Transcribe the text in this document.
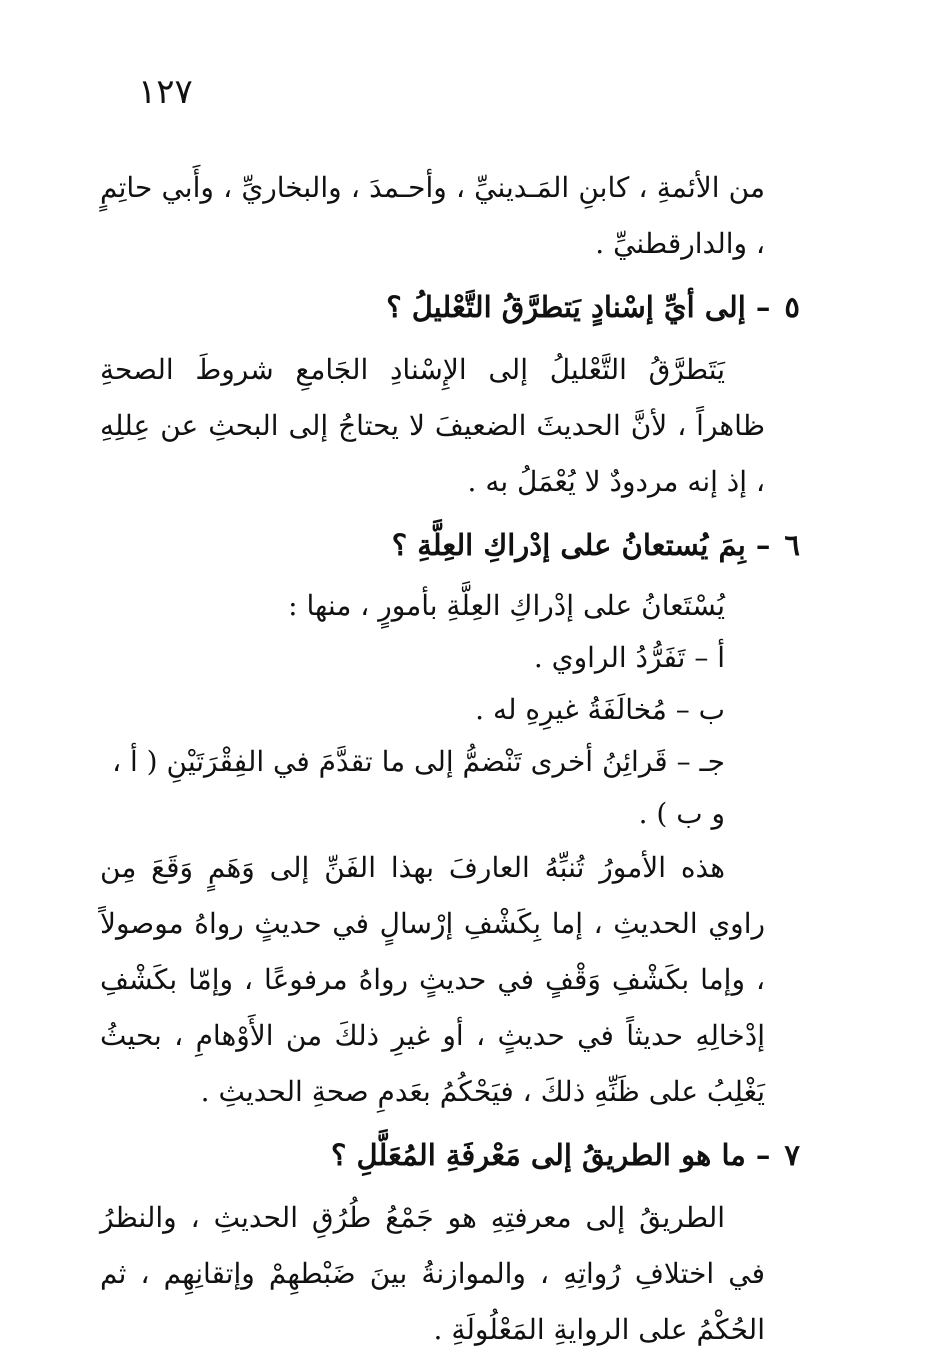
١٢٧

من الأئمةِ ، كابنِ المَـدينيِّ ، وأحـمدَ ، والبخاريِّ ، وأَبي حاتِمٍ ، والدارقطنيِّ .

٥– إلى أيِّ إسْنادٍ يَتطرَّقُ التَّعْليلُ ؟

يَتَطرَّقُ التَّعْليلُ إلى الإِسْنادِ الجَامعِ شروطَ الصحةِ ظاهراً ، لأنَّ الحديثَ الضعيفَ لا يحتاجُ إلى البحثِ عن عِللِهِ ، إذ إنه مردودٌ لا يُعْمَلُ به .

٦– بِمَ يُستعانُ على إدْراكِ العِلَّةِ ؟

يُسْتَعانُ على إدْراكِ العِلَّةِ بأمورٍ ، منها :

أ – تَفَرُّدُ الراوي .

ب – مُخالَفَةُ غيرِهِ له .

جـ – قَرائِنُ أخرى تَنْضمُّ إلى ما تقدَّمَ في الفِقْرَتَيْنِ ( أ ، و ب ) .

هذه الأمورُ تُنبِّهُ العارفَ بهذا الفَنِّ إلى وَهَمٍ وَقَعَ مِن راوي الحديثِ ، إما بِكَشْفِ إرْسالٍ في حديثٍ رواهُ موصولاً ، وإما بكَشْفِ وَقْفٍ في حديثٍ رواهُ مرفوعًا ، وإمّا بكَشْفِ إدْخالِهِ حديثاً في حديثٍ ، أو غيرِ ذلكَ من الأَوْهامِ ، بحيثُ يَغْلِبُ على ظَنِّهِ ذلكَ ، فيَحْكُمُ بعَدمِ صحةِ الحديثِ .

٧– ما هو الطريقُ إلى مَعْرفَةِ المُعَلَّلِ ؟

الطريقُ إلى معرفتِهِ هو جَمْعُ طُرُقِ الحديثِ ، والنظرُ في اختلافِ رُواتِهِ ، والموازنةُ بينَ ضَبْطهِمْ وإتقانِهِم ، ثم الحُكْمُ على الروايةِ المَعْلُولَةِ .
